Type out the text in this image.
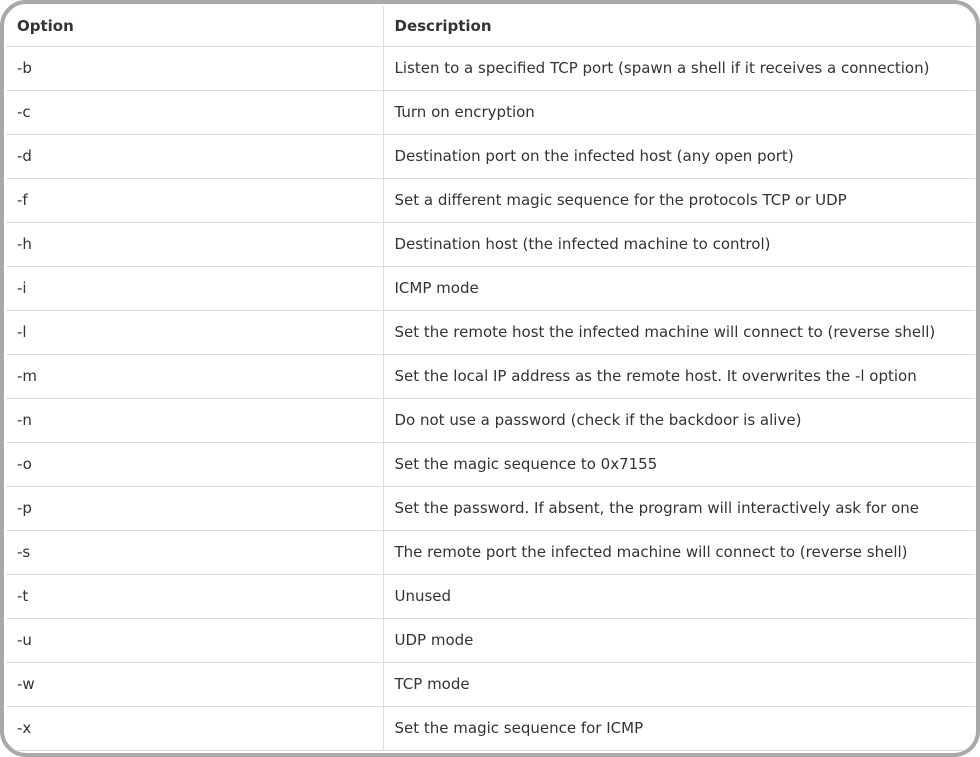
Option	Description
-b	Listen to a specified TCP port (spawn a shell if it receives a connection)
-c	Turn on encryption
-d	Destination port on the infected host (any open port)
-f	Set a different magic sequence for the protocols TCP or UDP
-h	Destination host (the infected machine to control)
-i	ICMP mode
-l	Set the remote host the infected machine will connect to (reverse shell)
-m	Set the local IP address as the remote host. It overwrites the -l option
-n	Do not use a password (check if the backdoor is alive)
-o	Set the magic sequence to 0x7155
-p	Set the password. If absent, the program will interactively ask for one
-s	The remote port the infected machine will connect to (reverse shell)
-t	Unused
-u	UDP mode
-w	TCP mode
-x	Set the magic sequence for ICMP
